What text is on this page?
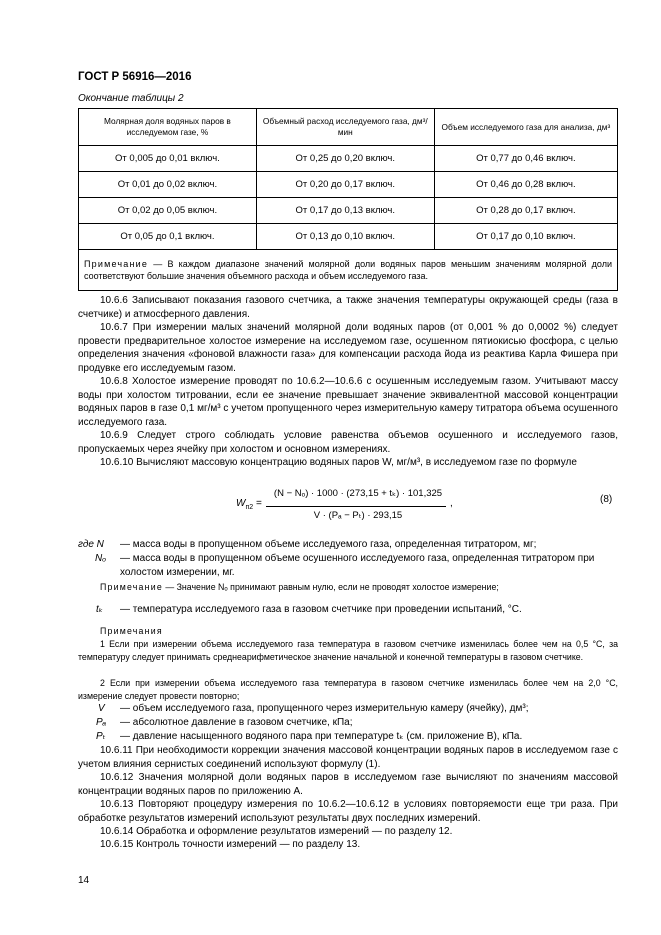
ГОСТ Р 56916—2016
Окончание таблицы 2
Молярная доля водяных паров в исследуемом газе, %	Объемный расход исследуемого газа, дм³/мин	Объем исследуемого газа для анализа, дм³
От 0,005 до 0,01 включ.	От 0,25 до 0,20 включ.	От 0,77 до 0,46 включ.
От 0,01 до 0,02 включ.	От 0,20 до 0,17 включ.	От 0,46 до 0,28 включ.
От 0,02 до 0,05 включ.	От 0,17 до 0,13 включ.	От 0,28 до 0,17 включ.
От 0,05 до 0,1 включ.	От 0,13 до 0,10 включ.	От 0,17 до 0,10 включ.
Примечание — В каждом диапазоне значений молярной доли водяных паров меньшим значениям молярной доли соответствуют большие значения объемного расхода и объем исследуемого газа.		
10.6.6 Записывают показания газового счетчика, а также значения температуры окружающей среды (газа в счетчике) и атмосферного давления.
10.6.7 При измерении малых значений молярной доли водяных паров (от 0,001 % до 0,0002 %) следует провести предварительное холостое измерение на исследуемом газе, осушенном пятиокисью фосфора, с целью определения значения «фоновой влажности газа» для компенсации расхода йода из реактива Карла Фишера при продувке его исследуемым газом.
10.6.8 Холостое измерение проводят по 10.6.2—10.6.6 с осушенным исследуемым газом. Учитывают массу воды при холостом титровании, если ее значение превышает значение эквивалентной массовой концентрации водяных паров в газе 0,1 мг/м³ с учетом пропущенного через измерительную камеру титратора объема осушенного исследуемого газа.
10.6.9 Следует строго соблюдать условие равенства объемов осушенного и исследуемого газов, пропускаемых через ячейку при холостом и основном измерениях.
10.6.10 Вычисляют массовую концентрацию водяных паров W, мг/м³, в исследуемом газе по формуле
$W_{п2}$ =
(N − Nₒ) · 1000 · (273,15 + tₖ) · 101,325
V · (Pₐ − Pₜ) · 293,15
,	(8)
где N — масса воды в пропущенном объеме исследуемого газа, определенная титратором, мг;
Nₒ — масса воды в пропущенном объеме осушенного исследуемого газа, определенная титратором при холостом измерении, мг.
Примечание — Значение Nₒ принимают равным нулю, если не проводят холостое измерение;
tₖ — температура исследуемого газа в газовом счетчике при проведении испытаний, °С.
Примечания
1 Если при измерении объема исследуемого газа температура в газовом счетчике изменилась более чем на 0,5 °С, за температуру следует принимать среднеарифметическое значение начальной и конечной температуры в газовом счетчике.
2 Если при измерении объема исследуемого газа температура в газовом счетчике изменилась более чем на 2,0 °С, измерение следует провести повторно;
V — объем исследуемого газа, пропущенного через измерительную камеру (ячейку), дм³;
Pₐ — абсолютное давление в газовом счетчике, кПа;
Pₜ — давление насыщенного водяного пара при температуре tₖ (см. приложение В), кПа.
10.6.11 При необходимости коррекции значения массовой концентрации водяных паров в исследуемом газе с учетом влияния сернистых соединений используют формулу (1).
10.6.12 Значения молярной доли водяных паров в исследуемом газе вычисляют по значениям массовой концентрации водяных паров по приложению А.
10.6.13 Повторяют процедуру измерения по 10.6.2—10.6.12 в условиях повторяемости еще три раза. При обработке результатов измерений используют результаты двух последних измерений.
10.6.14 Обработка и оформление результатов измерений — по разделу 12.
10.6.15 Контроль точности измерений — по разделу 13.
14
